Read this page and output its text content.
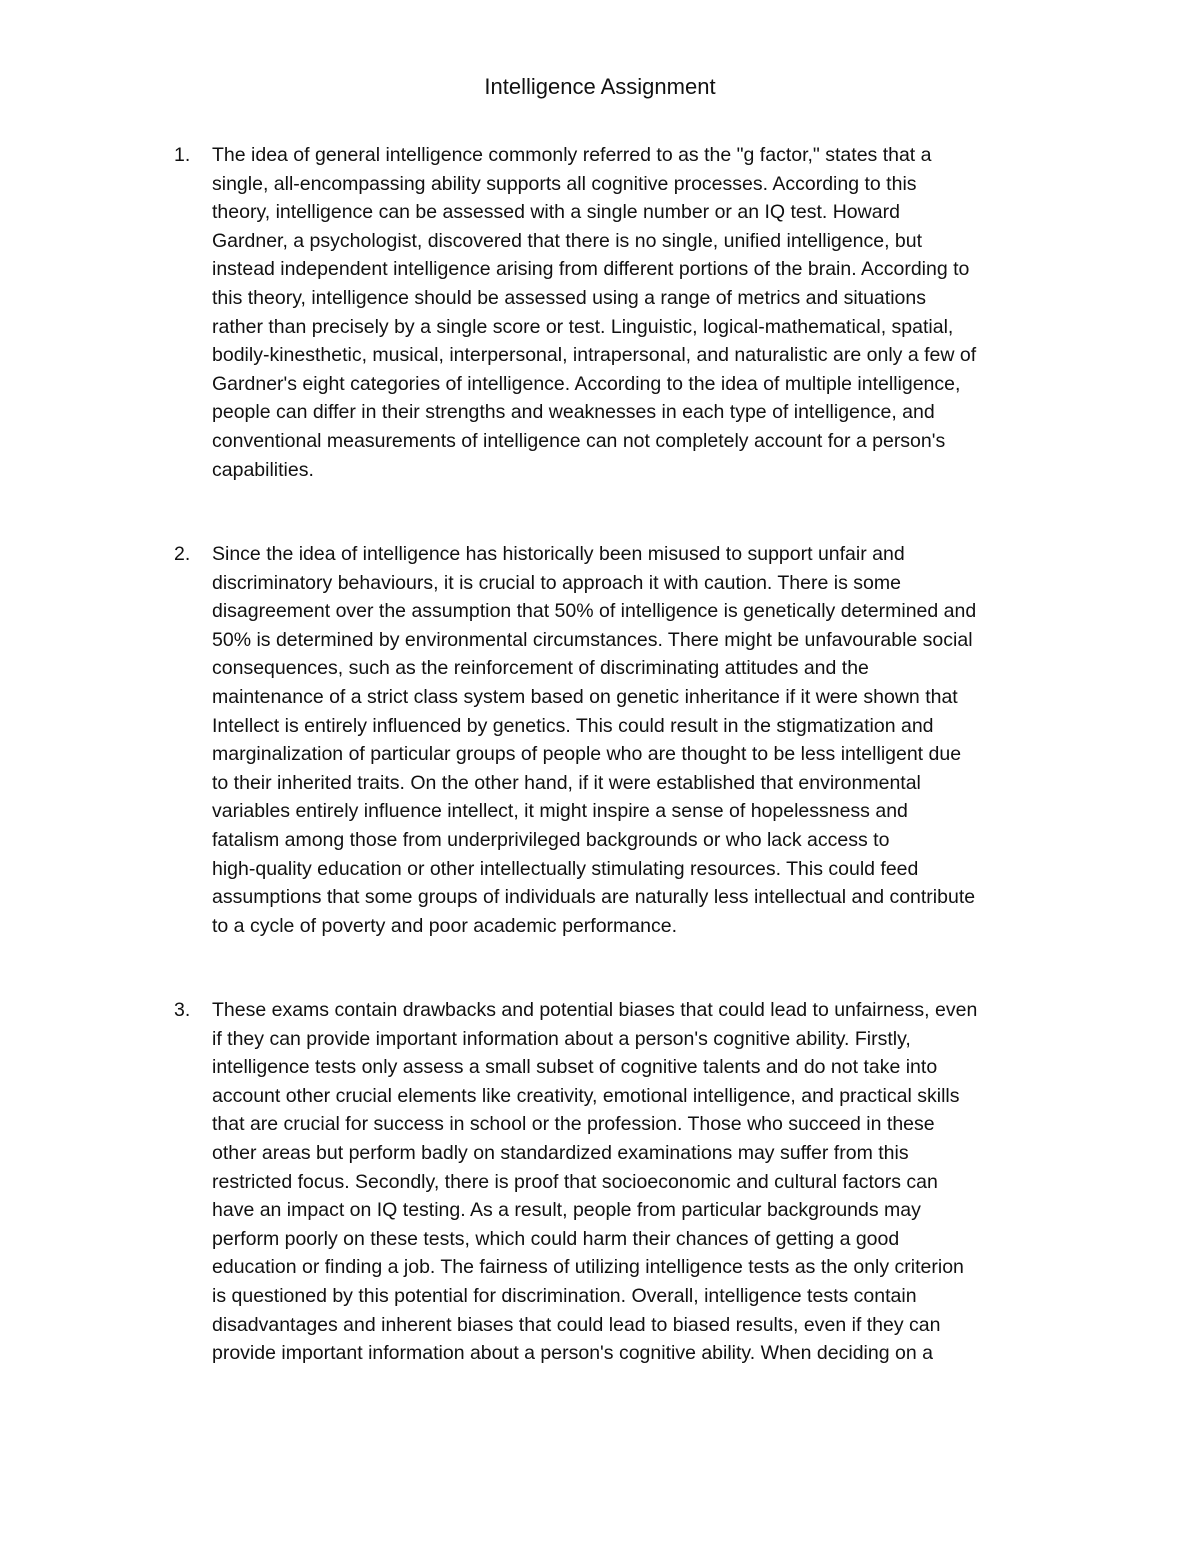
Intelligence Assignment
1.	The idea of general intelligence commonly referred to as the "g factor," states that a
single, all-encompassing ability supports all cognitive processes. According to this
theory, intelligence can be assessed with a single number or an IQ test. Howard
Gardner, a psychologist, discovered that there is no single, unified intelligence, but
instead independent intelligence arising from different portions of the brain. According to
this theory, intelligence should be assessed using a range of metrics and situations
rather than precisely by a single score or test. Linguistic, logical-mathematical, spatial,
bodily-kinesthetic, musical, interpersonal, intrapersonal, and naturalistic are only a few of
Gardner's eight categories of intelligence. According to the idea of multiple intelligence,
people can differ in their strengths and weaknesses in each type of intelligence, and
conventional measurements of intelligence can not completely account for a person's
capabilities.
2.	Since the idea of intelligence has historically been misused to support unfair and
discriminatory behaviours, it is crucial to approach it with caution. There is some
disagreement over the assumption that 50% of intelligence is genetically determined and
50% is determined by environmental circumstances. There might be unfavourable social
consequences, such as the reinforcement of discriminating attitudes and the
maintenance of a strict class system based on genetic inheritance if it were shown that
Intellect is entirely influenced by genetics. This could result in the stigmatization and
marginalization of particular groups of people who are thought to be less intelligent due
to their inherited traits. On the other hand, if it were established that environmental
variables entirely influence intellect, it might inspire a sense of hopelessness and
fatalism among those from underprivileged backgrounds or who lack access to
high-quality education or other intellectually stimulating resources. This could feed
assumptions that some groups of individuals are naturally less intellectual and contribute
to a cycle of poverty and poor academic performance.
3.	These exams contain drawbacks and potential biases that could lead to unfairness, even
if they can provide important information about a person's cognitive ability. Firstly,
intelligence tests only assess a small subset of cognitive talents and do not take into
account other crucial elements like creativity, emotional intelligence, and practical skills
that are crucial for success in school or the profession. Those who succeed in these
other areas but perform badly on standardized examinations may suffer from this
restricted focus. Secondly, there is proof that socioeconomic and cultural factors can
have an impact on IQ testing. As a result, people from particular backgrounds may
perform poorly on these tests, which could harm their chances of getting a good
education or finding a job. The fairness of utilizing intelligence tests as the only criterion
is questioned by this potential for discrimination. Overall, intelligence tests contain
disadvantages and inherent biases that could lead to biased results, even if they can
provide important information about a person's cognitive ability. When deciding on a
